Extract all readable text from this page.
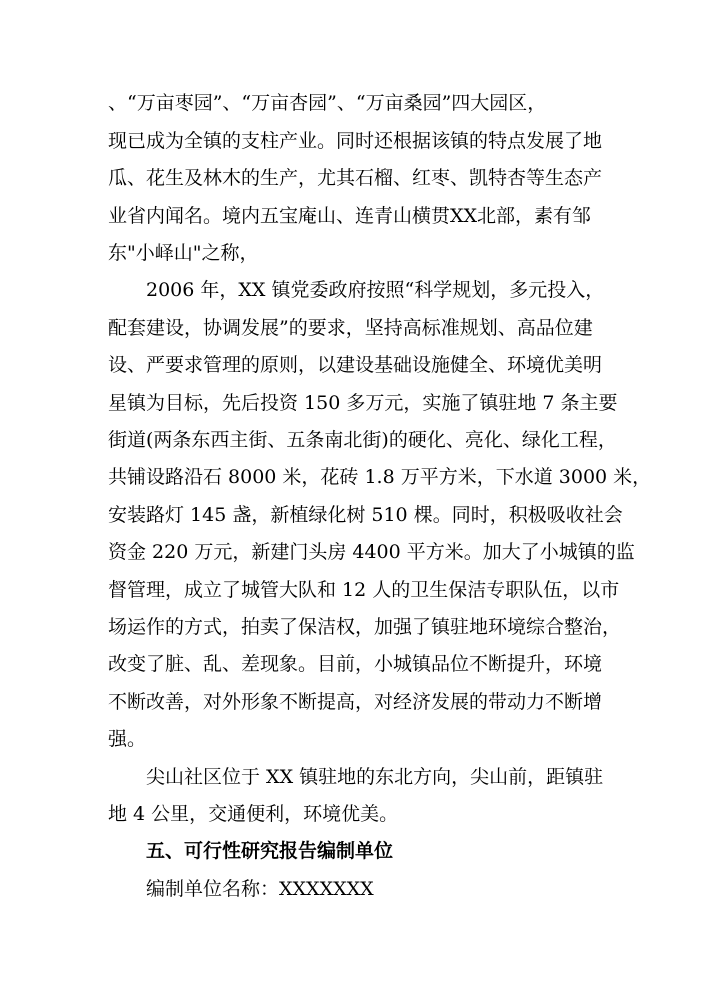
、“万亩枣园”、“万亩杏园”、“万亩桑园”四大园区，
现已成为全镇的支柱产业。同时还根据该镇的特点发展了地
瓜、花生及林木的生产，尤其石榴、红枣、凯特杏等生态产
业省内闻名。境内五宝庵山、连青山横贯XX北部，素有邹
东"小峄山"之称，
2006 年，XX 镇党委政府按照“科学规划，多元投入，
配套建设，协调发展”的要求，坚持高标准规划、高品位建
设、严要求管理的原则，以建设基础设施健全、环境优美明
星镇为目标，先后投资 150 多万元，实施了镇驻地 7 条主要
街道(两条东西主街、五条南北街)的硬化、亮化、绿化工程，
共铺设路沿石 8000 米，花砖 1.8 万平方米，下水道 3000 米，
安装路灯 145 盏，新植绿化树 510 棵。同时，积极吸收社会
资金 220 万元，新建门头房 4400 平方米。加大了小城镇的监
督管理，成立了城管大队和 12 人的卫生保洁专职队伍，以市
场运作的方式，拍卖了保洁权，加强了镇驻地环境综合整治，
改变了脏、乱、差现象。目前，小城镇品位不断提升，环境
不断改善，对外形象不断提高，对经济发展的带动力不断增
强。
尖山社区位于 XX 镇驻地的东北方向，尖山前，距镇驻
地 4 公里，交通便利，环境优美。
五、可行性研究报告编制单位
编制单位名称：XXXXXXX
